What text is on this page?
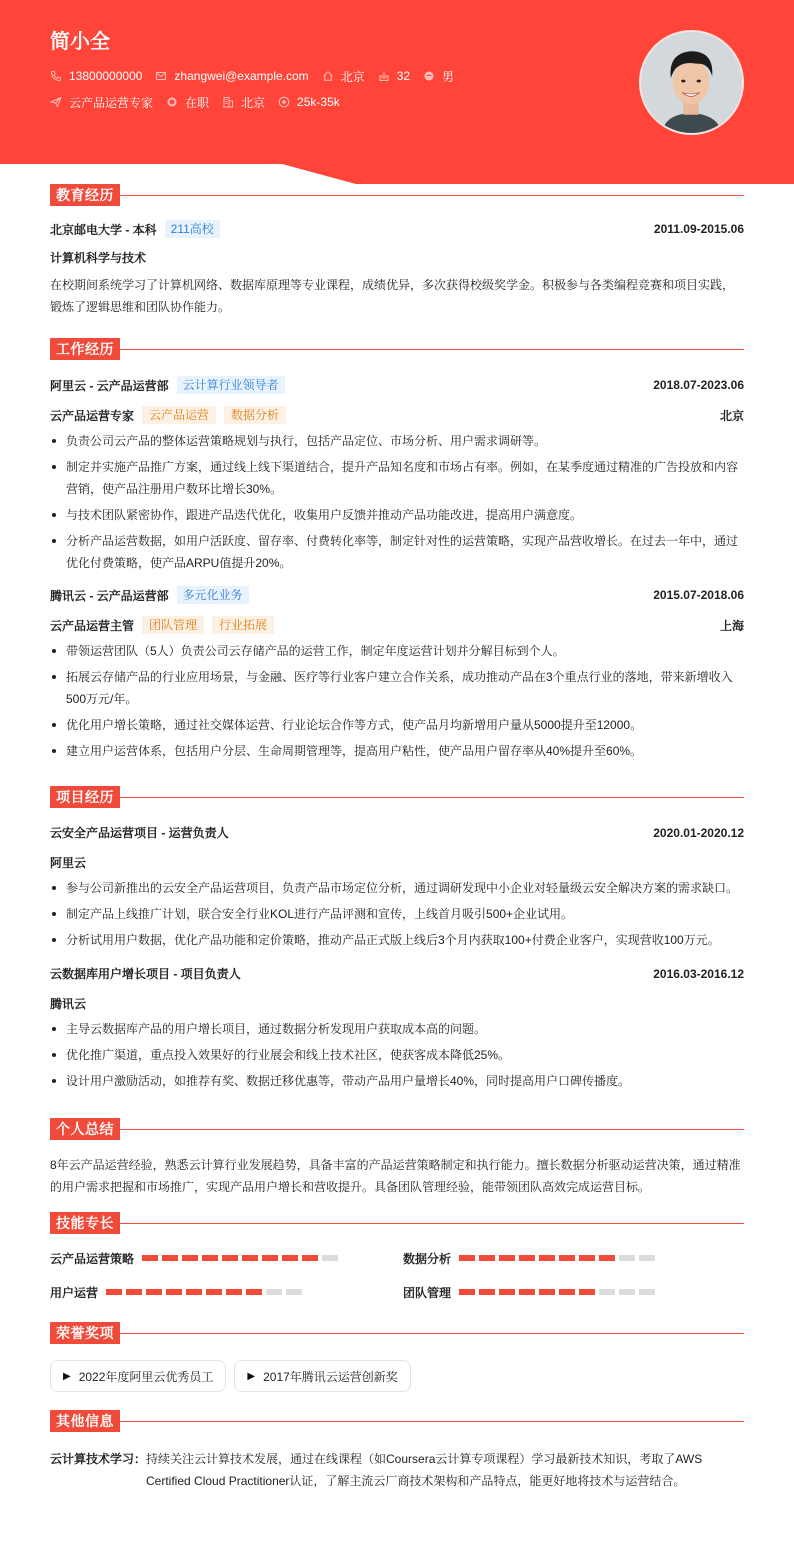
简小全
13800000000	zhangwei@example.com	北京	32	男
云产品运营专家	在职	北京	25k-35k
教育经历
北京邮电大学 - 本科	211高校	2011.09-2015.06
计算机科学与技术
在校期间系统学习了计算机网络、数据库原理等专业课程，成绩优异，多次获得校级奖学金。积极参与各类编程竞赛和项目实践，锻炼了逻辑思维和团队协作能力。
工作经历
阿里云 - 云产品运营部	云计算行业领导者	2018.07-2023.06
云产品运营专家	云产品运营	数据分析	北京
负责公司云产品的整体运营策略规划与执行，包括产品定位、市场分析、用户需求调研等。
制定并实施产品推广方案，通过线上线下渠道结合，提升产品知名度和市场占有率。例如，在某季度通过精准的广告投放和内容营销，使产品注册用户数环比增长30%。
与技术团队紧密协作，跟进产品迭代优化，收集用户反馈并推动产品功能改进，提高用户满意度。
分析产品运营数据，如用户活跃度、留存率、付费转化率等，制定针对性的运营策略，实现产品营收增长。在过去一年中，通过优化付费策略，使产品ARPU值提升20%。
腾讯云 - 云产品运营部	多元化业务	2015.07-2018.06
云产品运营主管	团队管理	行业拓展	上海
带领运营团队（5人）负责公司云存储产品的运营工作，制定年度运营计划并分解目标到个人。
拓展云存储产品的行业应用场景，与金融、医疗等行业客户建立合作关系，成功推动产品在3个重点行业的落地，带来新增收入500万元/年。
优化用户增长策略，通过社交媒体运营、行业论坛合作等方式，使产品月均新增用户量从5000提升至12000。
建立用户运营体系，包括用户分层、生命周期管理等，提高用户粘性，使产品用户留存率从40%提升至60%。
项目经历
云安全产品运营项目 - 运营负责人	2020.01-2020.12
阿里云
参与公司新推出的云安全产品运营项目，负责产品市场定位分析，通过调研发现中小企业对轻量级云安全解决方案的需求缺口。
制定产品上线推广计划，联合安全行业KOL进行产品评测和宣传，上线首月吸引500+企业试用。
分析试用用户数据，优化产品功能和定价策略，推动产品正式版上线后3个月内获取100+付费企业客户，实现营收100万元。
云数据库用户增长项目 - 项目负责人	2016.03-2016.12
腾讯云
主导云数据库产品的用户增长项目，通过数据分析发现用户获取成本高的问题。
优化推广渠道，重点投入效果好的行业展会和线上技术社区，使获客成本降低25%。
设计用户激励活动，如推荐有奖、数据迁移优惠等，带动产品用户量增长40%，同时提高用户口碑传播度。
个人总结
8年云产品运营经验，熟悉云计算行业发展趋势，具备丰富的产品运营策略制定和执行能力。擅长数据分析驱动运营决策，通过精准的用户需求把握和市场推广，实现产品用户增长和营收提升。具备团队管理经验，能带领团队高效完成运营目标。
技能专长
云产品运营策略	数据分析
用户运营	团队管理
荣誉奖项
▶ 2022年度阿里云优秀员工	▶ 2017年腾讯云运营创新奖
其他信息
云计算技术学习： 持续关注云计算技术发展，通过在线课程（如Coursera云计算专项课程）学习最新技术知识，考取了AWS Certified Cloud Practitioner认证，了解主流云厂商技术架构和产品特点，能更好地将技术与运营结合。
